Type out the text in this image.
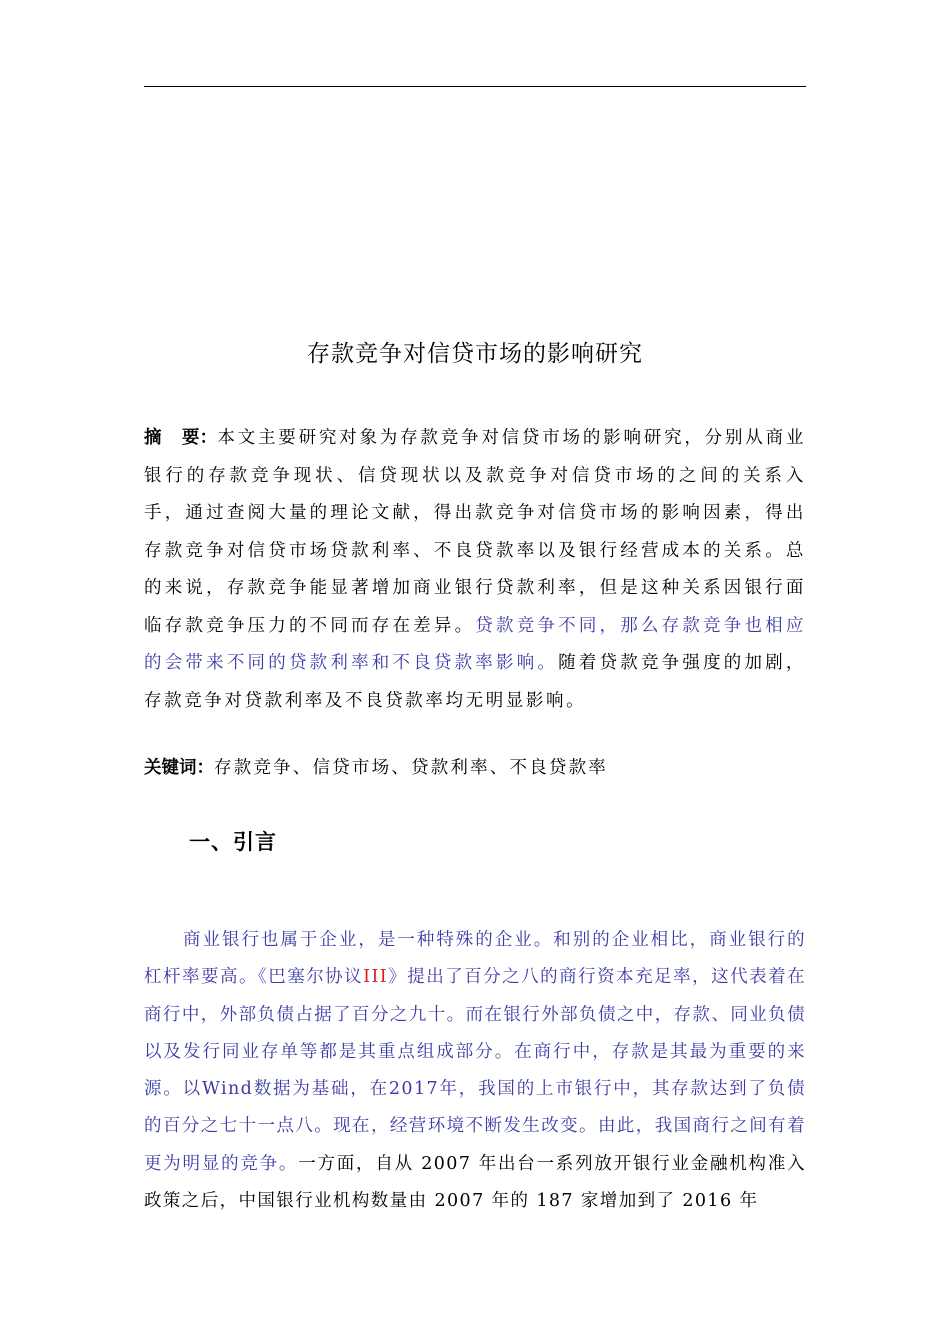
存款竞争对信贷市场的影响研究

摘 要：本文主要研究对象为存款竞争对信贷市场的影响研究，分别从商业银行的存款竞争现状、信贷现状以及款竞争对信贷市场的之间的关系入手，通过查阅大量的理论文献，得出款竞争对信贷市场的影响因素，得出存款竞争对信贷市场贷款利率、不良贷款率以及银行经营成本的关系。总的来说，存款竞争能显著增加商业银行贷款利率，但是这种关系因银行面临存款竞争压力的不同而存在差异。贷款竞争不同，那么存款竞争也相应的会带来不同的贷款利率和不良贷款率影响。随着贷款竞争强度的加剧，存款竞争对贷款利率及不良贷款率均无明显影响。

关键词：存款竞争、信贷市场、贷款利率、不良贷款率

一、引言

商业银行也属于企业，是一种特殊的企业。和别的企业相比，商业银行的杠杆率要高。《巴塞尔协议III》提出了百分之八的商行资本充足率，这代表着在商行中，外部负债占据了百分之九十。而在银行外部负债之中，存款、同业负债以及发行同业存单等都是其重点组成部分。在商行中，存款是其最为重要的来源。以Wind数据为基础，在2017年，我国的上市银行中，其存款达到了负债的百分之七十一点八。现在，经营环境不断发生改变。由此，我国商行之间有着更为明显的竞争。一方面，自从 2007 年出台一系列放开银行业金融机构准入政策之后，中国银行业机构数量由 2007 年的 187 家增加到了 2016 年
